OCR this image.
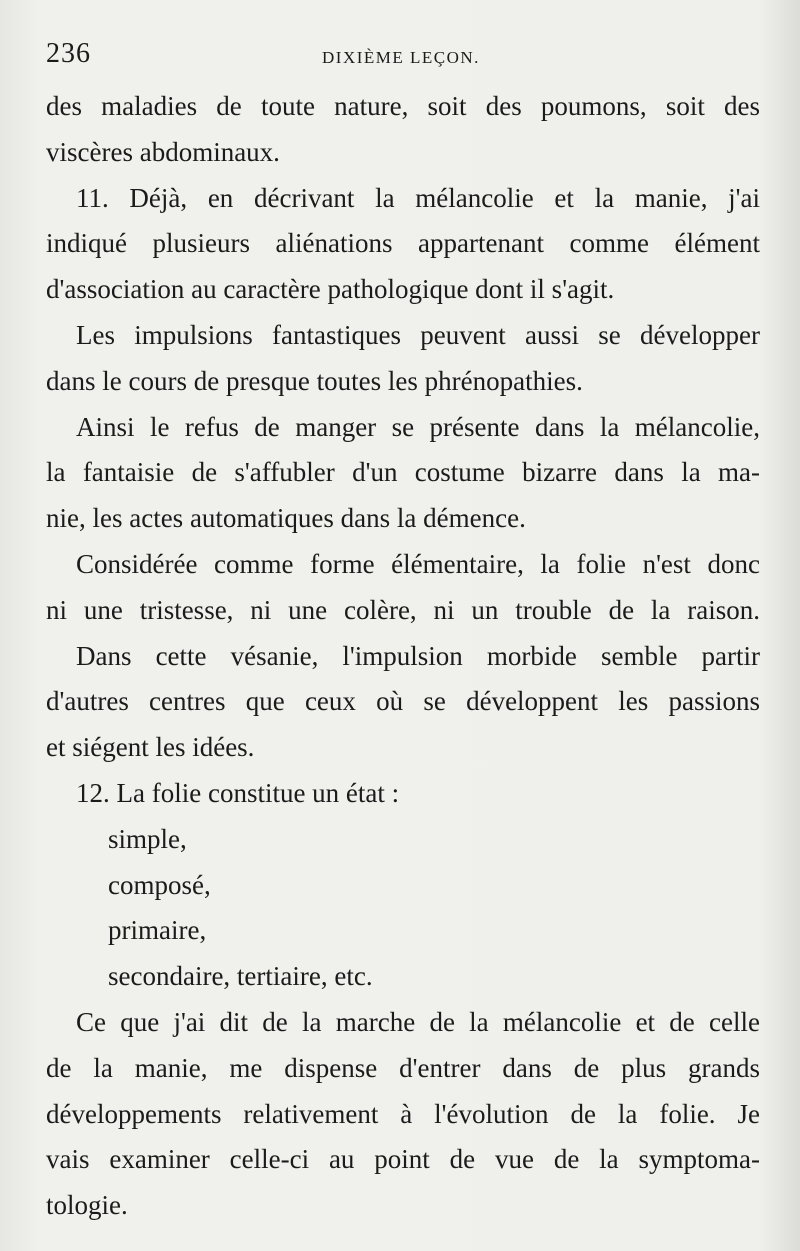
236	DIXIÈME LEÇON.
des maladies de toute nature, soit des poumons, soit des
viscères abdominaux.
11. Déjà, en décrivant la mélancolie et la manie, j'ai
indiqué plusieurs aliénations appartenant comme élément
d'association au caractère pathologique dont il s'agit.
Les impulsions fantastiques peuvent aussi se développer
dans le cours de presque toutes les phrénopathies.
Ainsi le refus de manger se présente dans la mélancolie,
la fantaisie de s'affubler d'un costume bizarre dans la ma-
nie, les actes automatiques dans la démence.
Considérée comme forme élémentaire, la folie n'est donc
ni une tristesse, ni une colère, ni un trouble de la raison.
Dans cette vésanie, l'impulsion morbide semble partir
d'autres centres que ceux où se développent les passions
et siégent les idées.
12. La folie constitue un état :
simple,
composé,
primaire,
secondaire, tertiaire, etc.
Ce que j'ai dit de la marche de la mélancolie et de celle
de la manie, me dispense d'entrer dans de plus grands
développements relativement à l'évolution de la folie. Je
vais examiner celle-ci au point de vue de la symptoma-
tologie.
